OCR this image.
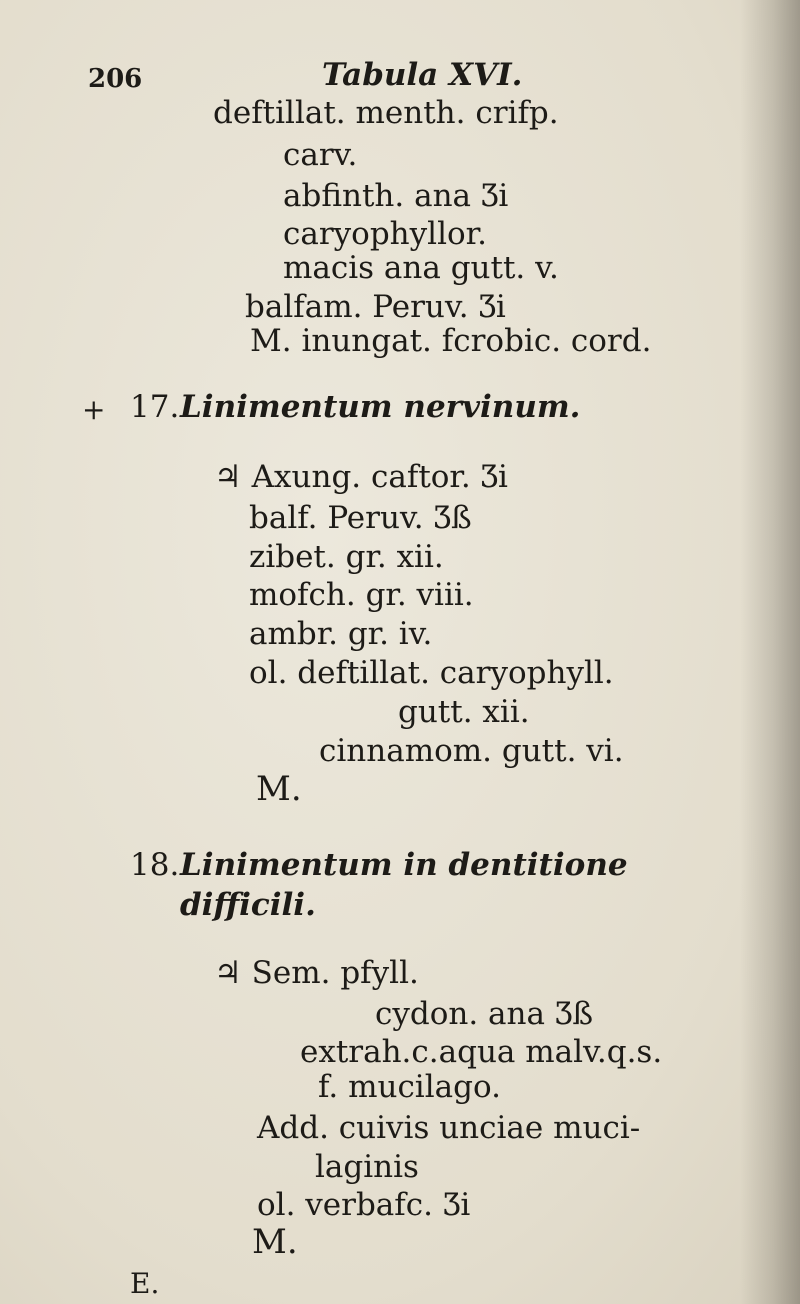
206	Tabula XVI.
deftillat. menth. crifp.
carv.
abfinth. ana Ʒi
caryophyllor.
macis ana gutt. v.
balfam. Peruv. Ʒi
M. inungat. fcrobic. cord.
+ 17. Linimentum nervinum.
♃ Axung. caftor. Ʒi
balf. Peruv. Ʒß
zibet. gr. xii.
mofch. gr. viii.
ambr. gr. iv.
ol. deftillat. caryophyll.
gutt. xii.
cinnamom. gutt. vi.
M.
18. Linimentum in dentitione
difficili.
♃ Sem. pfyll.
cydon. ana Ʒß
extrah.c.aqua malv.q.s.
f. mucilago.
Add. cuivis unciae muci-
laginis
ol. verbafc. Ʒi
M.
E.
